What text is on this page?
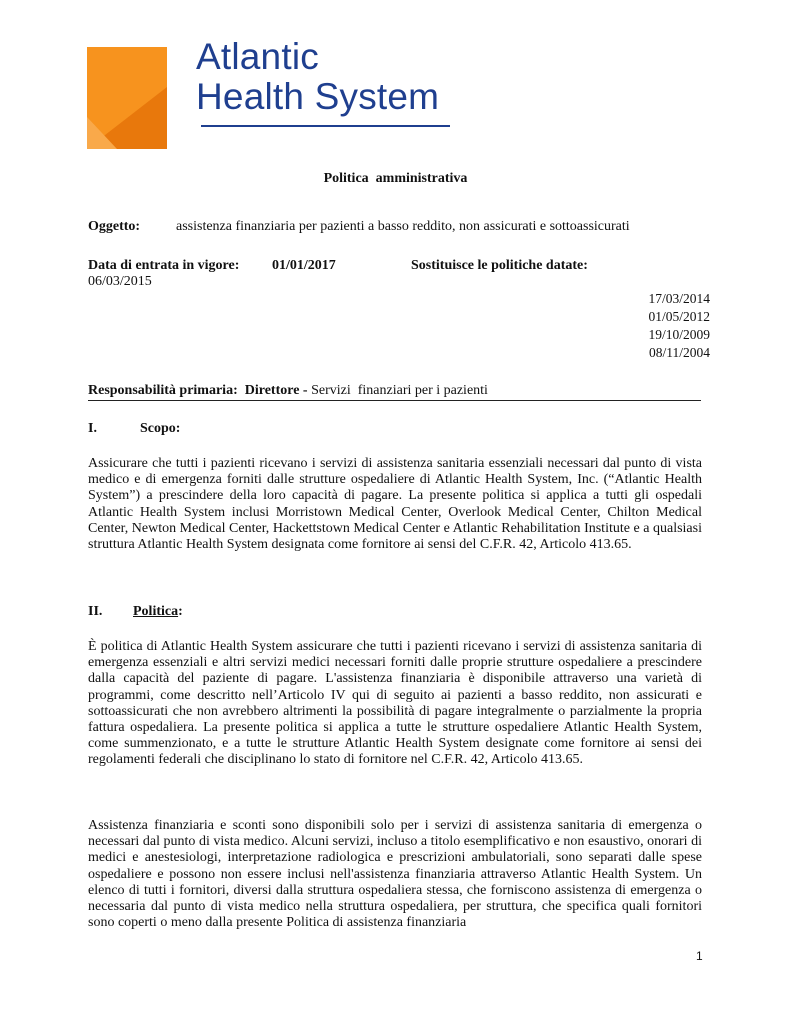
Atlantic
Health System
Politica  amministrativa
Oggetto:	assistenza finanziaria per pazienti a basso reddito, non assicurati e sottoassicurati
Data di entrata in vigore: 01/01/2017	Sostituisce le politiche datate:
06/03/2015
17/03/2014
01/05/2012
19/10/2009
08/11/2004
Responsabilità primaria:  Direttore - Servizi  finanziari per i pazienti
I.	Scopo:

Assicurare che tutti i pazienti ricevano i servizi di assistenza sanitaria essenziali necessari dal punto di vista medico e di emergenza forniti dalle strutture ospedaliere di Atlantic Health System, Inc. (“Atlantic Health System”) a prescindere della loro capacità di pagare. La presente politica si applica a tutti gli ospedali Atlantic Health System inclusi Morristown Medical Center, Overlook Medical Center, Chilton Medical Center, Newton Medical Center, Hackettstown Medical Center e Atlantic Rehabilitation Institute e a qualsiasi struttura Atlantic Health System designata come fornitore ai sensi del C.F.R. 42, Articolo 413.65.

II. Politica:

È politica di Atlantic Health System assicurare che tutti i pazienti ricevano i servizi di assistenza sanitaria di emergenza essenziali e altri servizi medici necessari forniti dalle proprie strutture ospedaliere a prescindere dalla capacità del paziente di pagare. L'assistenza finanziaria è disponibile attraverso una varietà di programmi, come descritto nell’Articolo IV qui di seguito ai pazienti a basso reddito, non assicurati e sottoassicurati che non avrebbero altrimenti la possibilità di pagare integralmente o parzialmente la propria fattura ospedaliera. La presente politica si applica a tutte le strutture ospedaliere Atlantic Health System, come summenzionato, e a tutte le strutture Atlantic Health System designate come fornitore ai sensi dei regolamenti federali che disciplinano lo stato di fornitore nel C.F.R. 42, Articolo 413.65.

Assistenza finanziaria e sconti sono disponibili solo per i servizi di assistenza sanitaria di emergenza o necessari dal punto di vista medico. Alcuni servizi, incluso a titolo esemplificativo e non esaustivo, onorari di medici e anestesiologi, interpretazione radiologica e prescrizioni ambulatoriali, sono separati dalle spese ospedaliere e possono non essere inclusi nell'assistenza finanziaria attraverso Atlantic Health System. Un elenco di tutti i fornitori, diversi dalla struttura ospedaliera stessa, che forniscono assistenza di emergenza o necessaria dal punto di vista medico nella struttura ospedaliera, per struttura, che specifica quali fornitori sono coperti o meno dalla presente Politica di assistenza finanziaria

1
